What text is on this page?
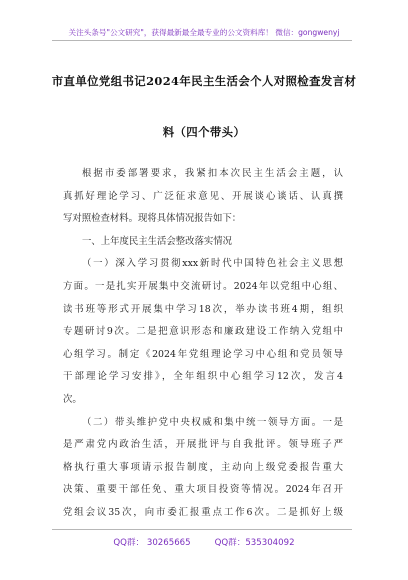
关注头条号"公文研究"，获得最新最全最专业的公文资料库！ 微信：gongwenyj
市直单位党组书记2024年民主生活会个人对照检查发言材
料（四个带头）
根据市委部署要求，我紧扣本次民主生活会主题，认
真抓好理论学习、广泛征求意见、开展谈心谈话、认真撰
写对照检查材料。现将具体情况报告如下：
一、上年度民主生活会整改落实情况
（一）深入学习贯彻xxx新时代中国特色社会主义思想
方面。一是扎实开展集中交流研讨。2024年以党组中心组、
读书班等形式开展集中学习18次，举办读书班4期，组织
专题研讨9次。二是把意识形态和廉政建设工作纳入党组中
心组学习。制定《2024年党组理论学习中心组和党员领导
干部理论学习安排》，全年组织中心组学习12次，发言4
次。
（二）带头维护党中央权威和集中统一领导方面。一是
是严肃党内政治生活，开展批评与自我批评。领导班子严
格执行重大事项请示报告制度，主动向上级党委报告重大
决策、重要干部任免、重大项目投资等情况。2024年召开
党组会议35次，向市委汇报重点工作6次。二是抓好上级
QQ群： 30265665	QQ群：535304092
